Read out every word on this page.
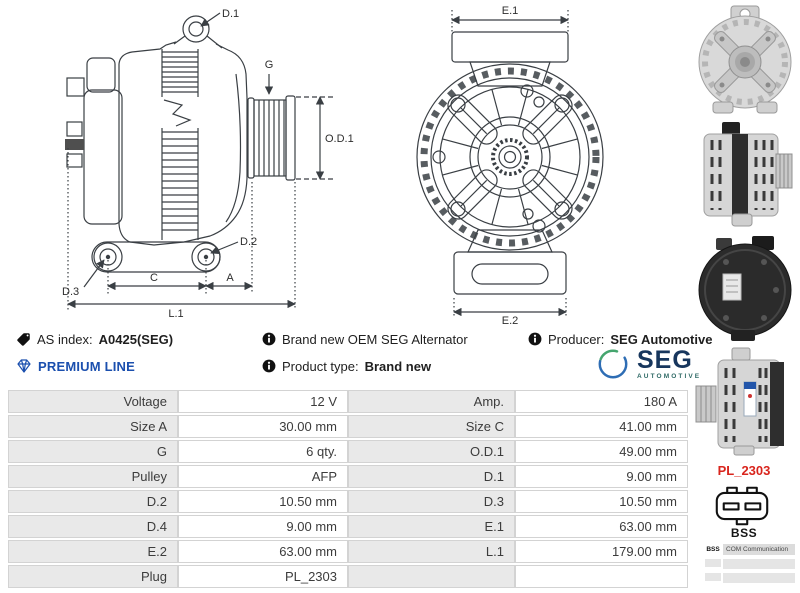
D.1
G
O.D.1
D.2
D.3
C	A
L.1
E.1
E.2
AS index: A0425(SEG)	Brand new OEM SEG Alternator	Producer: SEG Automotive
PREMIUM LINE	Product type: Brand new	SEG
AUTOMOTIVE
Voltage	12 V	Amp.	180 A
Size A	30.00 mm	Size C	41.00 mm
G	6 qty.	O.D.1	49.00 mm
Pulley	AFP	D.1	9.00 mm
D.2	10.50 mm	D.3	10.50 mm
D.4	9.00 mm	E.1	63.00 mm
E.2	63.00 mm	L.1	179.00 mm
Plug	PL_2303
PL_2303
BSS
BSS COM Communication
